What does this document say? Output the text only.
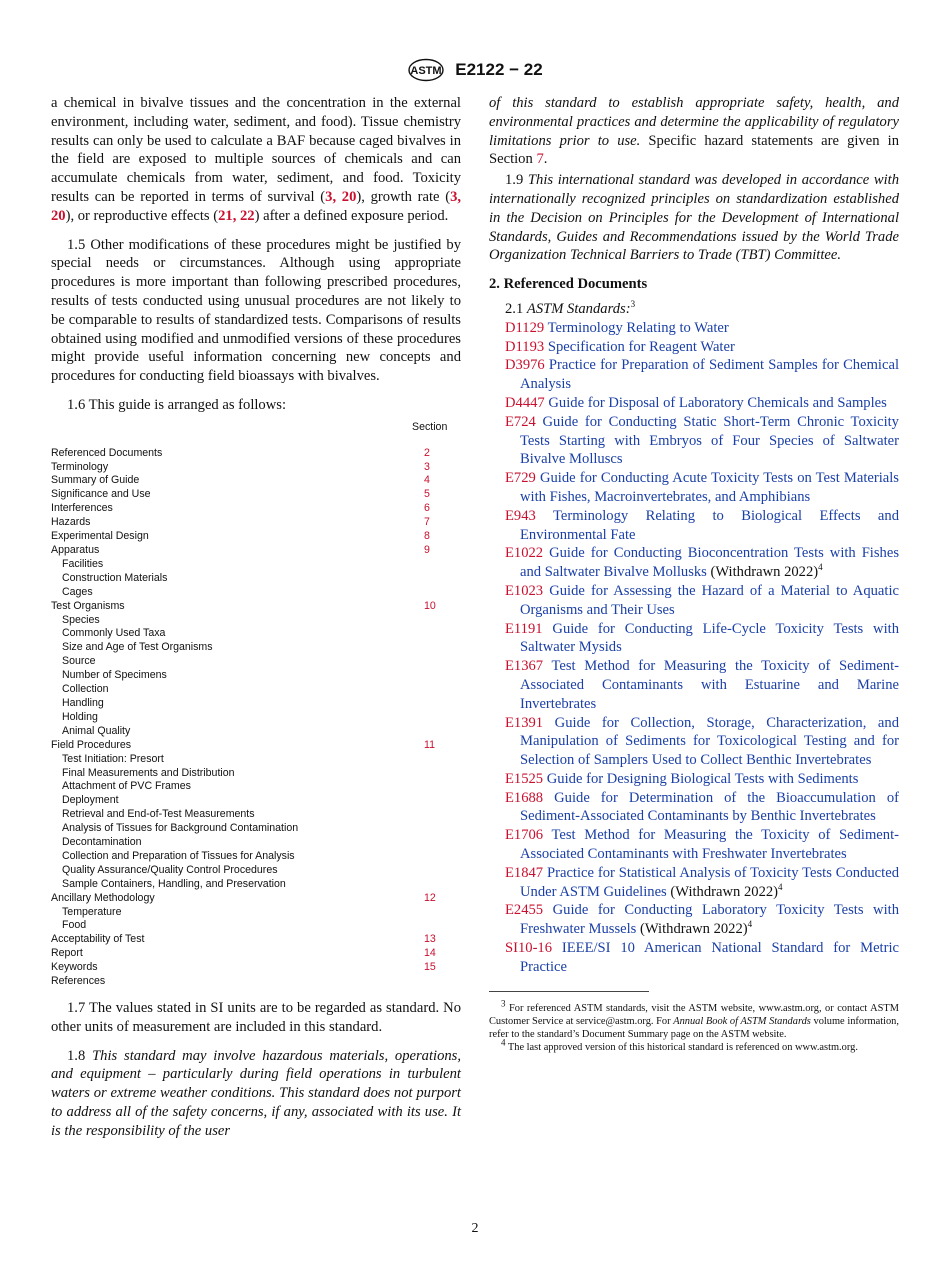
ASTM E2122 − 22

a chemical in bivalve tissues and the concentration in the external environment, including water, sediment, and food). Tissue chemistry results can only be used to calculate a BAF because caged bivalves in the field are exposed to multiple sources of chemicals and can accumulate chemicals from water, sediment, and food. Toxicity results can be reported in terms of survival (3, 20), growth rate (3, 20), or reproductive effects (21, 22) after a defined exposure period.

1.5 Other modifications of these procedures might be justified by special needs or circumstances. Although using appropriate procedures is more important than following prescribed procedures, results of tests conducted using unusual procedures are not likely to be comparable to results of standardized tests. Comparisons of results obtained using modified and unmodified versions of these procedures might provide useful information concerning new concepts and procedures for conducting field bioassays with bivalves.

1.6 This guide is arranged as follows:

	Section
Referenced Documents	2
Terminology	3
Summary of Guide	4
Significance and Use	5
Interferences	6
Hazards	7
Experimental Design	8
Apparatus	9
Facilities	
Construction Materials	
Cages	
Test Organisms	10
Species	
Commonly Used Taxa	
Size and Age of Test Organisms	
Source	
Number of Specimens	
Collection	
Handling	
Holding	
Animal Quality	
Field Procedures	11
Test Initiation: Presort	
Final Measurements and Distribution	
Attachment of PVC Frames	
Deployment	
Retrieval and End-of-Test Measurements	
Analysis of Tissues for Background Contamination	
Decontamination	
Collection and Preparation of Tissues for Analysis	
Quality Assurance/Quality Control Procedures	
Sample Containers, Handling, and Preservation	
Ancillary Methodology	12
Temperature	
Food	
Acceptability of Test	13
Report	14
Keywords	15
References	

1.7 The values stated in SI units are to be regarded as standard. No other units of measurement are included in this standard.

1.8 This standard may involve hazardous materials, operations, and equipment – particularly during field operations in turbulent waters or extreme weather conditions. This standard does not purport to address all of the safety concerns, if any, associated with its use. It is the responsibility of the user

of this standard to establish appropriate safety, health, and environmental practices and determine the applicability of regulatory limitations prior to use. Specific hazard statements are given in Section 7.

1.9 This international standard was developed in accordance with internationally recognized principles on standardization established in the Decision on Principles for the Development of International Standards, Guides and Recommendations issued by the World Trade Organization Technical Barriers to Trade (TBT) Committee.

2. Referenced Documents

2.1 ASTM Standards:$^3$

D1129 Terminology Relating to Water

D1193 Specification for Reagent Water

D3976 Practice for Preparation of Sediment Samples for Chemical Analysis

D4447 Guide for Disposal of Laboratory Chemicals and Samples

E724 Guide for Conducting Static Short-Term Chronic Toxicity Tests Starting with Embryos of Four Species of Saltwater Bivalve Molluscs

E729 Guide for Conducting Acute Toxicity Tests on Test Materials with Fishes, Macroinvertebrates, and Amphibians

E943 Terminology Relating to Biological Effects and Environmental Fate

E1022 Guide for Conducting Bioconcentration Tests with Fishes and Saltwater Bivalve Mollusks (Withdrawn 2022)$^4$

E1023 Guide for Assessing the Hazard of a Material to Aquatic Organisms and Their Uses

E1191 Guide for Conducting Life-Cycle Toxicity Tests with Saltwater Mysids

E1367 Test Method for Measuring the Toxicity of Sediment-Associated Contaminants with Estuarine and Marine Invertebrates

E1391 Guide for Collection, Storage, Characterization, and Manipulation of Sediments for Toxicological Testing and for Selection of Samplers Used to Collect Benthic Invertebrates

E1525 Guide for Designing Biological Tests with Sediments

E1688 Guide for Determination of the Bioaccumulation of Sediment-Associated Contaminants by Benthic Invertebrates

E1706 Test Method for Measuring the Toxicity of Sediment-Associated Contaminants with Freshwater Invertebrates

E1847 Practice for Statistical Analysis of Toxicity Tests Conducted Under ASTM Guidelines (Withdrawn 2022)$^4$

E2455 Guide for Conducting Laboratory Toxicity Tests with Freshwater Mussels (Withdrawn 2022)$^4$

SI10-16 IEEE/SI 10 American National Standard for Metric Practice

$^3$ For referenced ASTM standards, visit the ASTM website, www.astm.org, or contact ASTM Customer Service at service@astm.org. For Annual Book of ASTM Standards volume information, refer to the standard’s Document Summary page on the ASTM website.

$^4$ The last approved version of this historical standard is referenced on www.astm.org.

2
